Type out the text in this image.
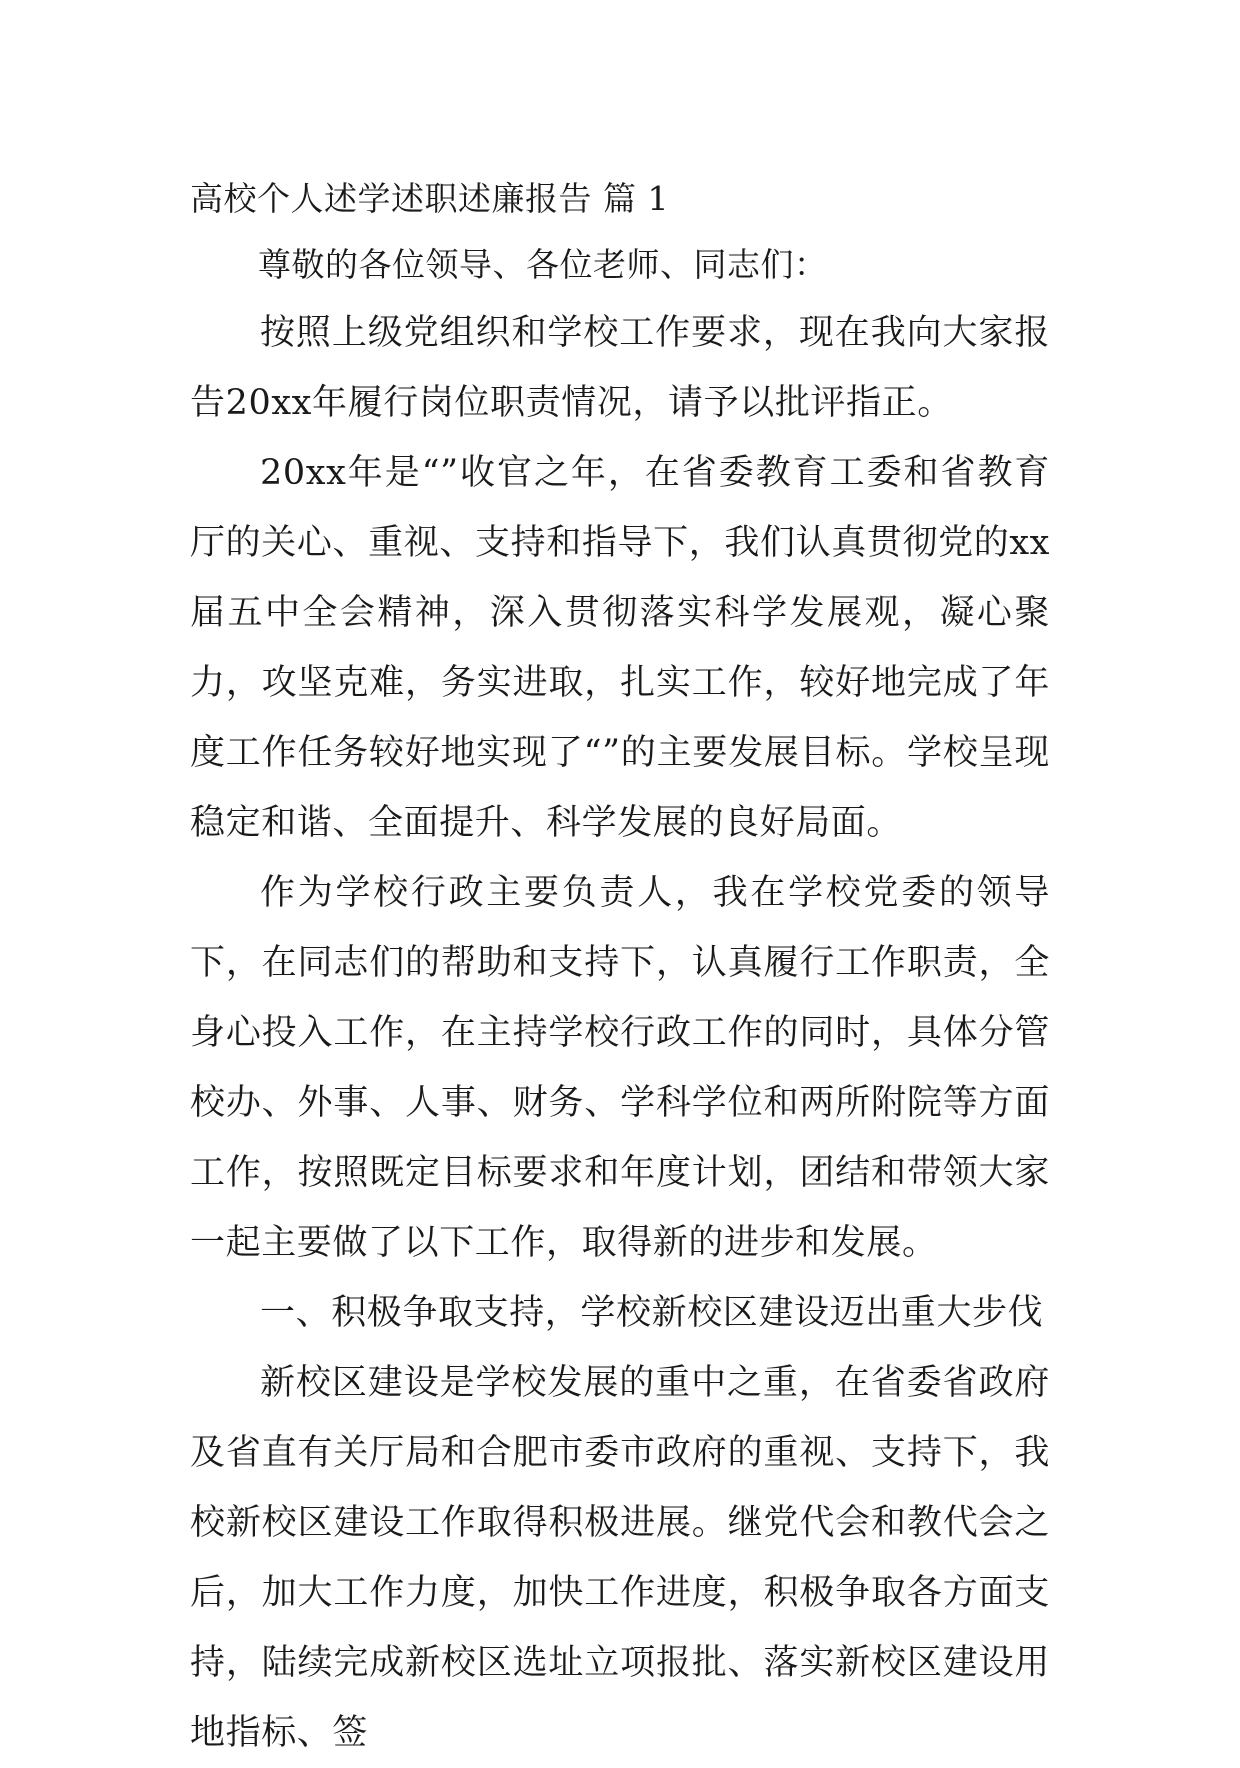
高校个人述学述职述廉报告 篇 1

尊敬的各位领导、各位老师、同志们：

按照上级党组织和学校工作要求，现在我向大家报告20xx年履行岗位职责情况，请予以批评指正。

20xx年是“”收官之年，在省委教育工委和省教育厅的关心、重视、支持和指导下，我们认真贯彻党的xx届五中全会精神，深入贯彻落实科学发展观，凝心聚力，攻坚克难，务实进取，扎实工作，较好地完成了年度工作任务较好地实现了“”的主要发展目标。学校呈现稳定和谐、全面提升、科学发展的良好局面。

作为学校行政主要负责人，我在学校党委的领导下，在同志们的帮助和支持下，认真履行工作职责，全身心投入工作，在主持学校行政工作的同时，具体分管校办、外事、人事、财务、学科学位和两所附院等方面工作，按照既定目标要求和年度计划，团结和带领大家一起主要做了以下工作，取得新的进步和发展。

一、积极争取支持，学校新校区建设迈出重大步伐

新校区建设是学校发展的重中之重，在省委省政府及省直有关厅局和合肥市委市政府的重视、支持下，我校新校区建设工作取得积极进展。继党代会和教代会之后，加大工作力度，加快工作进度，积极争取各方面支持，陆续完成新校区选址立项报批、落实新校区建设用地指标、签
